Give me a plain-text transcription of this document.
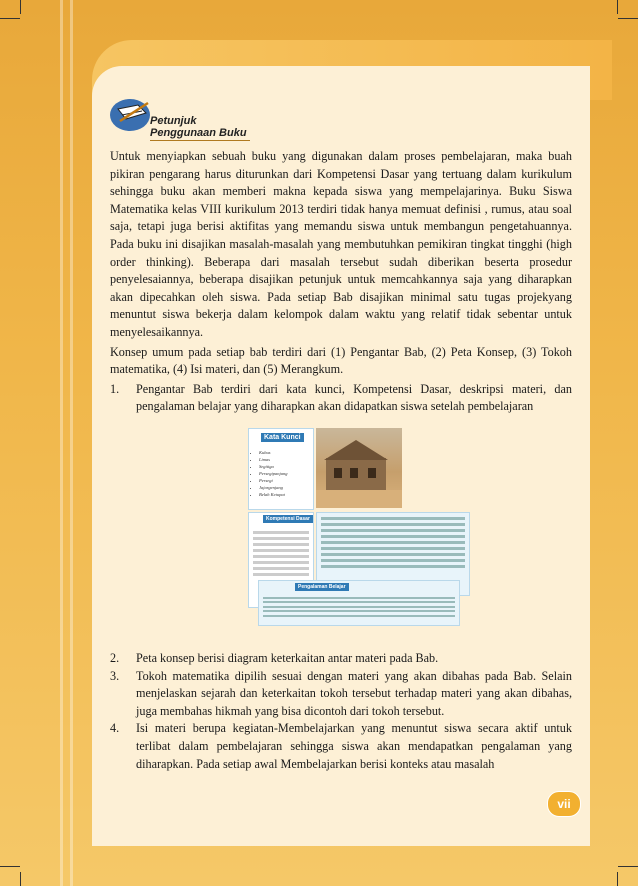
Petunjuk
Penggunaan Buku

Untuk menyiapkan sebuah buku yang digunakan dalam proses pembelajaran, maka buah pikiran pengarang harus diturunkan dari Kompetensi Dasar yang tertuang dalam kurikulum sehingga buku akan memberi makna kepada siswa yang mempelajarinya. Buku Siswa Matematika kelas VIII kurikulum 2013 terdiri tidak hanya memuat definisi , rumus, atau soal saja, tetapi juga berisi aktifitas yang memandu siswa untuk membangun pengetahuannya. Pada buku ini disajikan masalah-masalah yang membutuhkan pemikiran tingkat tingghi (high order thinking). Beberapa dari masalah tersebut sudah diberikan beserta prosedur penyelesaiannya, beberapa disajikan petunjuk untuk memcahkannya saja yang diharapkan akan dipecahkan oleh siswa. Pada setiap Bab disajikan minimal satu tugas projekyang menuntut siswa bekerja dalam kelompok dalam waktu yang relatif tidak sebentar untuk menyelesaikannya.

Konsep umum pada setiap bab terdiri dari (1) Pengantar Bab, (2) Peta Konsep, (3) Tokoh matematika, (4) Isi materi, dan (5) Merangkum.

1.	Pengantar Bab terdiri dari kata kunci, Kompetensi Dasar, deskripsi materi, dan pengalaman belajar yang diharapkan akan didapatkan siswa setelah pembelajaran
Kata Kunci
• Kubus
• Limas
• Segitiga
• Persegipanjang
• Persegi
• Jajargenjang
• Belah Ketupat
Kompetensi Dasar
Pengalaman Belajar
2.	Peta konsep berisi diagram keterkaitan antar materi pada Bab.
3.	Tokoh matematika dipilih sesuai dengan materi yang akan dibahas pada Bab. Selain menjelaskan sejarah dan keterkaitan tokoh tersebut terhadap materi yang akan dibahas, juga membahas hikmah yang bisa dicontoh dari tokoh tersebut.
4.	Isi materi berupa kegiatan-Membelajarkan yang menuntut siswa secara aktif untuk terlibat dalam pembelajaran sehingga siswa akan mendapatkan pengalaman yang diharapkan. Pada setiap awal Membelajarkan berisi konteks atau masalah
vii
